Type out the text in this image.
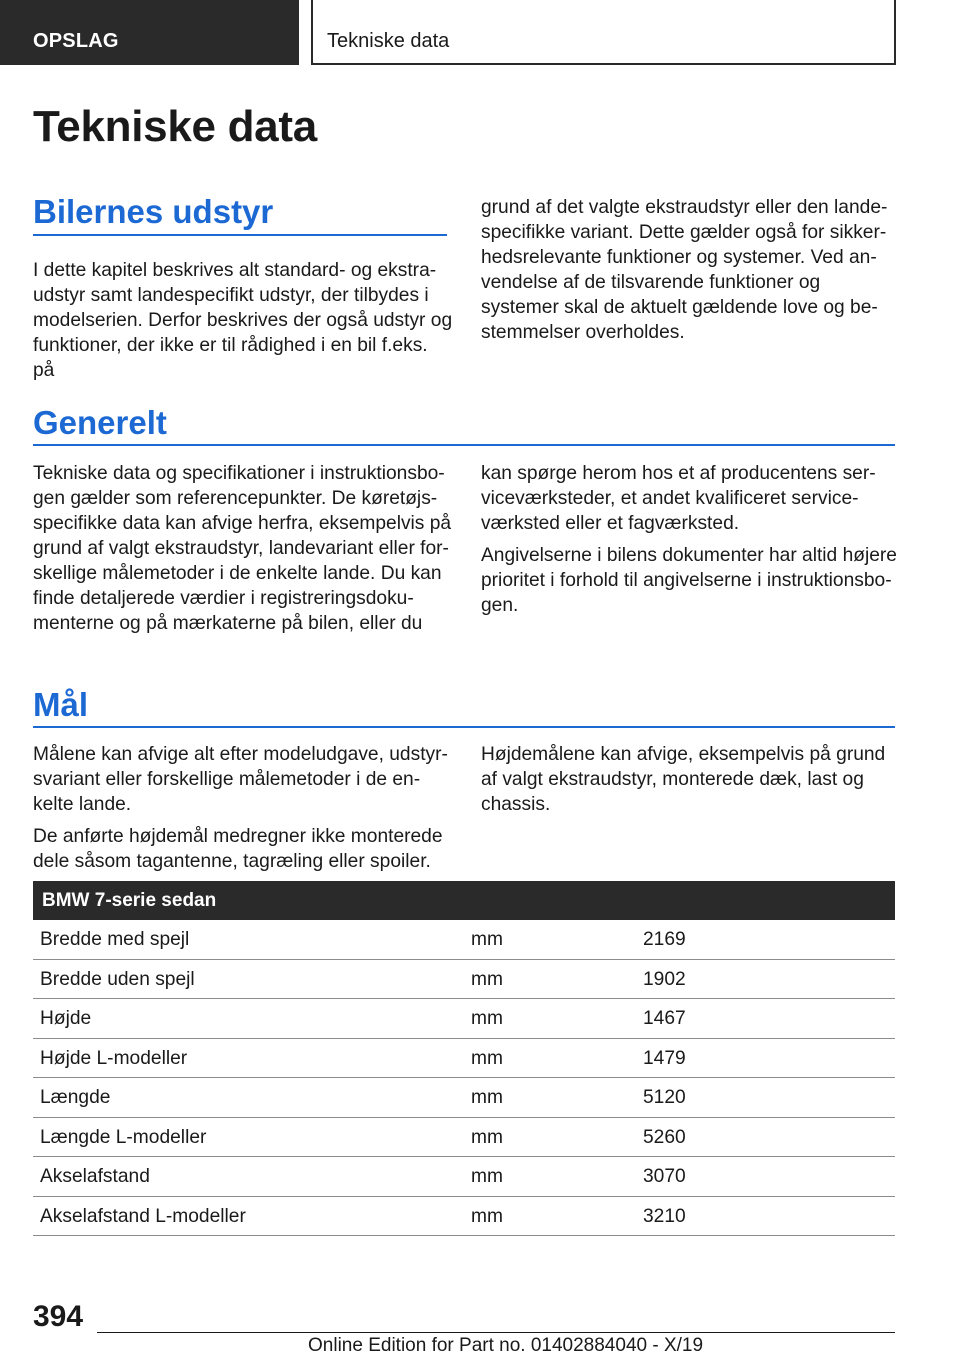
OPSLAG	Tekniske data
Tekniske data
Bilernes udstyr

I dette kapitel beskrives alt standard- og ekstra-
udstyr samt landespecifikt udstyr, der tilbydes i
modelserien. Derfor beskrives der også udstyr og
funktioner, der ikke er til rådighed i en bil f.eks. på

grund af det valgte ekstraudstyr eller den lande-
specifikke variant. Dette gælder også for sikker-
hedsrelevante funktioner og systemer. Ved an-
vendelse af de tilsvarende funktioner og
systemer skal de aktuelt gældende love og be-
stemmelser overholdes.

Generelt

Tekniske data og specifikationer i instruktionsbo-
gen gælder som referencepunkter. De køretøjs-
specifikke data kan afvige herfra, eksempelvis på
grund af valgt ekstraudstyr, landevariant eller for-
skellige målemetoder i de enkelte lande. Du kan
finde detaljerede værdier i registreringsdoku-
menterne og på mærkaterne på bilen, eller du

kan spørge herom hos et af producentens ser-
viceværksteder, et andet kvalificeret service-
værksted eller et fagværksted.

Angivelserne i bilens dokumenter har altid højere
prioritet i forhold til angivelserne i instruktionsbo-
gen.

Mål

Målene kan afvige alt efter modeludgave, udstyr-
svariant eller forskellige målemetoder i de en-
kelte lande.

De anførte højdemål medregner ikke monterede
dele såsom tagantenne, tagræling eller spoiler.

Højdemålene kan afvige, eksempelvis på grund
af valgt ekstraudstyr, monterede dæk, last og
chassis.

BMW 7-serie sedan
Bredde med spejl	mm	2169
Bredde uden spejl	mm	1902
Højde	mm	1467
Højde L-modeller	mm	1479
Længde	mm	5120
Længde L-modeller	mm	5260
Akselafstand	mm	3070
Akselafstand L-modeller	mm	3210
394
Online Edition for Part no. 01402884040 - X/19
